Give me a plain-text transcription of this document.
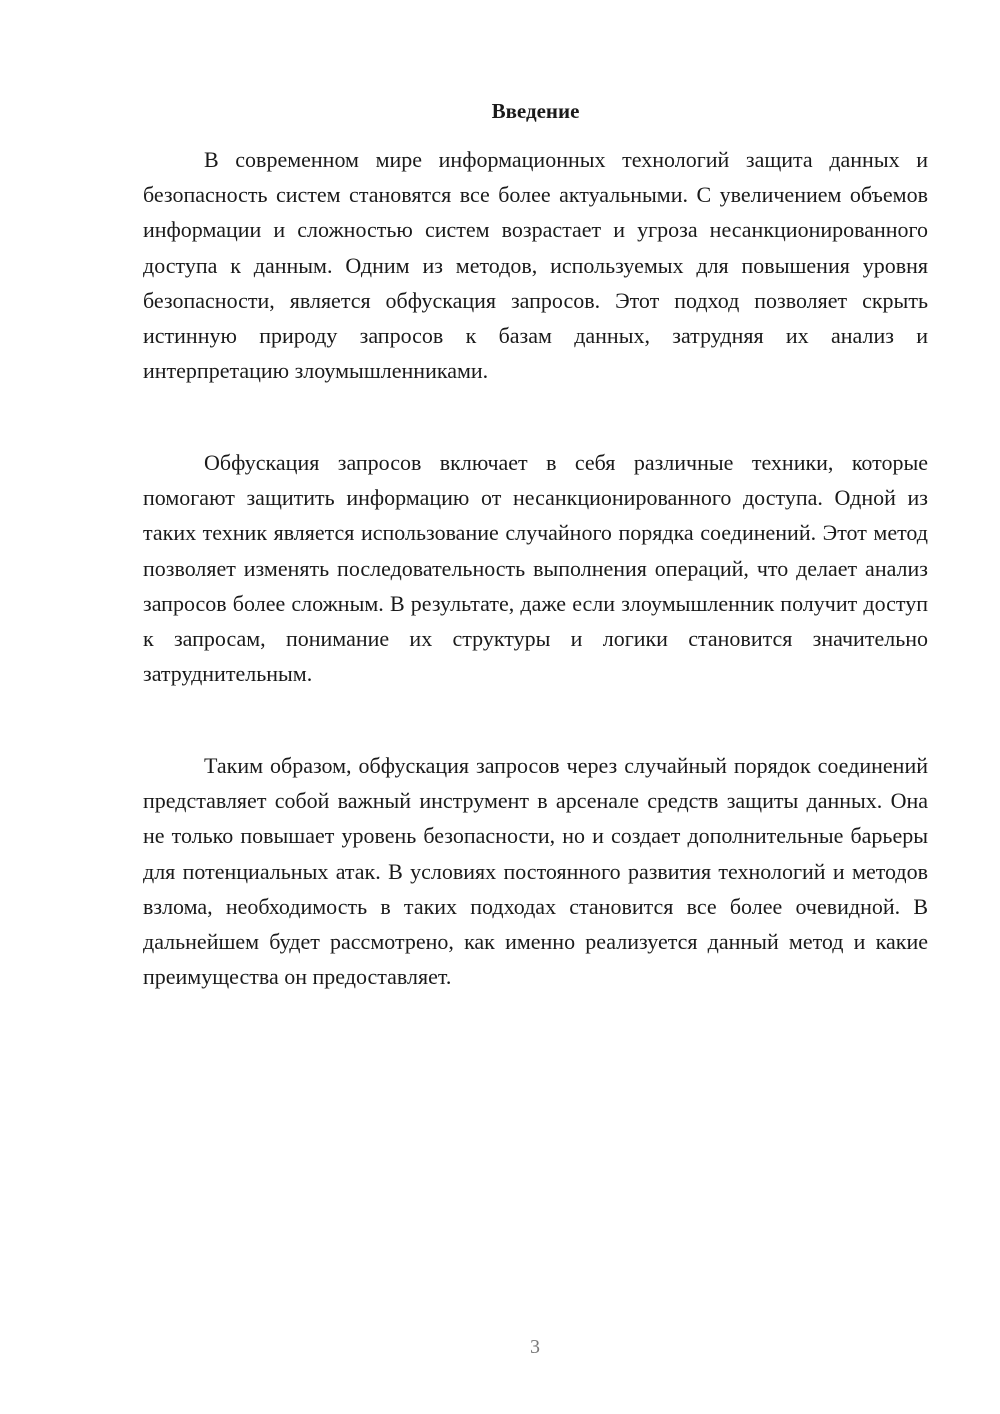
Введение

В современном мире информационных технологий защита данных и безопасность систем становятся все более актуальными. С увеличением объемов информации и сложностью систем возрастает и угроза несанкционированного доступа к данным. Одним из методов, используемых для повышения уровня безопасности, является обфускация запросов. Этот подход позволяет скрыть истинную природу запросов к базам данных, затрудняя их анализ и интерпретацию злоумышленниками.

Обфускация запросов включает в себя различные техники, которые помогают защитить информацию от несанкционированного доступа. Одной из таких техник является использование случайного порядка соединений. Этот метод позволяет изменять последовательность выполнения операций, что делает анализ запросов более сложным. В результате, даже если злоумышленник получит доступ к запросам, понимание их структуры и логики становится значительно затруднительным.

Таким образом, обфускация запросов через случайный порядок соединений представляет собой важный инструмент в арсенале средств защиты данных. Она не только повышает уровень безопасности, но и создает дополнительные барьеры для потенциальных атак. В условиях постоянного развития технологий и методов взлома, необходимость в таких подходах становится все более очевидной. В дальнейшем будет рассмотрено, как именно реализуется данный метод и какие преимущества он предоставляет.

3
